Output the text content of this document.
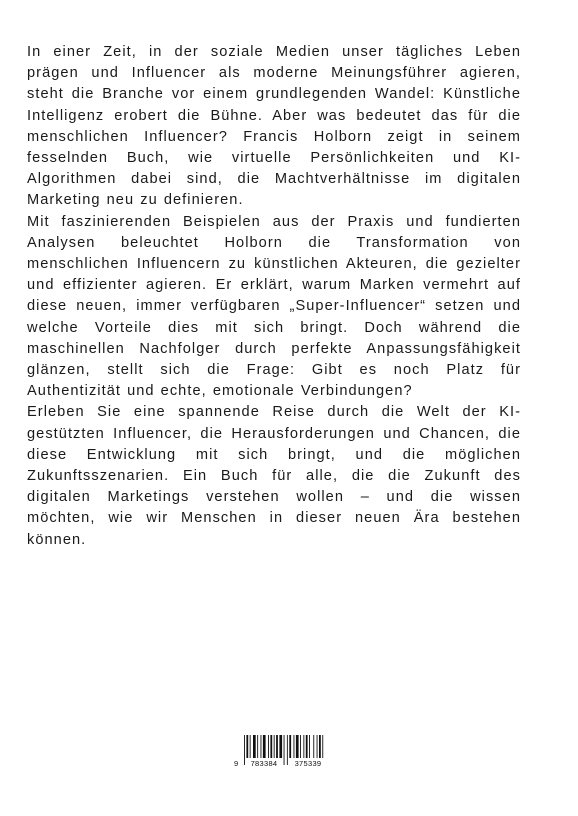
In einer Zeit, in der soziale Medien unser tägliches Leben prägen und Influencer als moderne Meinungsführer agieren, steht die Branche vor einem grundlegenden Wandel: Künstliche Intelligenz erobert die Bühne. Aber was bedeutet das für die menschlichen Influencer? Francis Holborn zeigt in seinem fesselnden Buch, wie virtuelle Persönlichkeiten und KI-Algorithmen dabei sind, die Machtverhältnisse im digitalen Marketing neu zu definieren.

Mit faszinierenden Beispielen aus der Praxis und fundierten Analysen beleuchtet Holborn die Transformation von menschlichen Influencern zu künstlichen Akteuren, die gezielter und effizienter agieren. Er erklärt, warum Marken vermehrt auf diese neuen, immer verfügbaren „Super-Influencer“ setzen und welche Vorteile dies mit sich bringt. Doch während die maschinellen Nachfolger durch perfekte Anpassungsfähigkeit glänzen, stellt sich die Frage: Gibt es noch Platz für Authentizität und echte, emotionale Verbindungen?

Erleben Sie eine spannende Reise durch die Welt der KI-gestützten Influencer, die Herausforderungen und Chancen, die diese Entwicklung mit sich bringt, und die möglichen Zukunftsszenarien. Ein Buch für alle, die die Zukunft des digitalen Marketings verstehen wollen – und die wissen möchten, wie wir Menschen in dieser neuen Ära bestehen können.

9	783384	375339
